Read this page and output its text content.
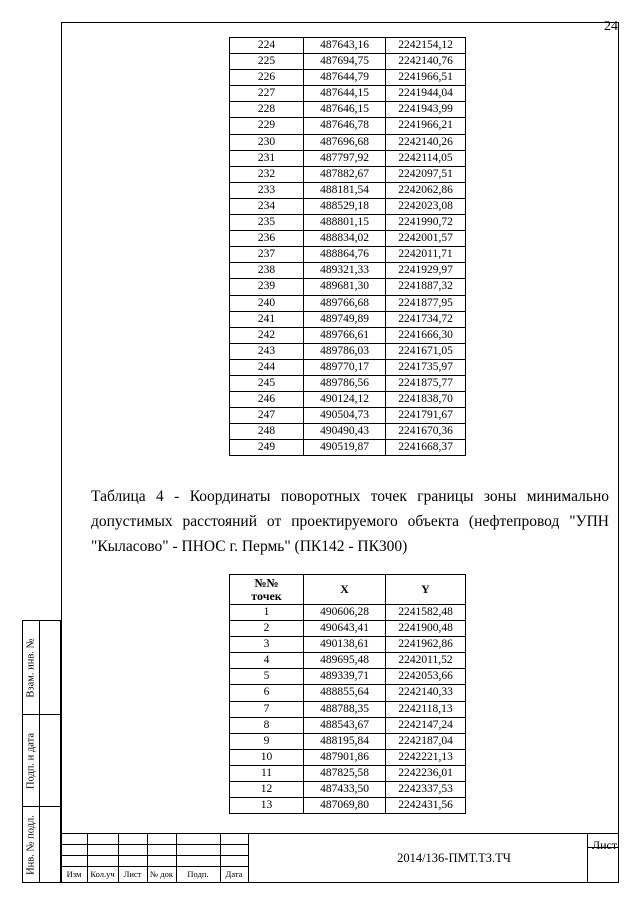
24
224	487643,16	2242154,12
225	487694,75	2242140,76
226	487644,79	2241966,51
227	487644,15	2241944,04
228	487646,15	2241943,99
229	487646,78	2241966,21
230	487696,68	2242140,26
231	487797,92	2242114,05
232	487882,67	2242097,51
233	488181,54	2242062,86
234	488529,18	2242023,08
235	488801,15	2241990,72
236	488834,02	2242001,57
237	488864,76	2242011,71
238	489321,33	2241929,97
239	489681,30	2241887,32
240	489766,68	2241877,95
241	489749,89	2241734,72
242	489766,61	2241666,30
243	489786,03	2241671,05
244	489770,17	2241735,97
245	489786,56	2241875,77
246	490124,12	2241838,70
247	490504,73	2241791,67
248	490490,43	2241670,36
249	490519,87	2241668,37
Таблица 4 - Координаты поворотных точек границы зоны минимально
допустимых расстояний от проектируемого объекта (нефтепровод "УПН
"Кыласово" - ПНОС г. Пермь" (ПК142 - ПК300)
№№
точек	X	Y
1	490606,28	2241582,48
2	490643,41	2241900,48
3	490138,61	2241962,86
4	489695,48	2242011,52
5	489339,71	2242053,66
6	488855,64	2242140,33
7	488788,35	2242118,13
8	488543,67	2242147,24
9	488195,84	2242187,04
10	487901,86	2242221,13
11	487825,58	2242236,01
12	487433,50	2242337,53
13	487069,80	2242431,56
Взам. инв. №
Подп. и дата
Инв. № подл.	Изм	Кол.уч	Лист	№ док	Подп.	Дата
2014/136-ПМТ.ТЗ.ТЧ
Лист
